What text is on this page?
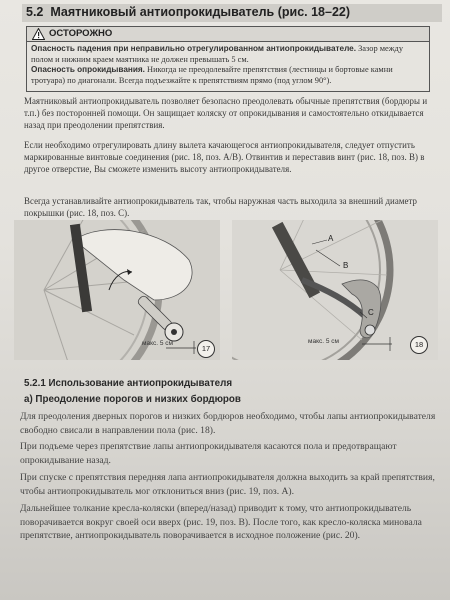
5.2 Маятниковый антиопрокидыватель (рис. 18–22)
ОСТОРОЖНО
Опасность падения при неправильно отрегулированном антиопрокидывателе. Зазор между полом и нижним краем маятника не должен превышать 5 см.
Опасность опрокидывания. Никогда не преодолевайте препятствия (лестницы и бортовые камни тротуара) по диагонали. Всегда подъезжайте к препятствиям прямо (под углом 90°).
Маятниковый антиопрокидыватель позволяет безопасно преодолевать обычные препятствия (бордюры и т.п.) без посторонней помощи. Он защищает коляску от опрокидывания и самостоятельно откидывается назад при преодолении препятствия.
Если необходимо отрегулировать длину вылета качающегося антиопрокидывателя, следует отпустить маркированные винтовые соединения (рис. 18, поз. A/B). Отвинтив и переставив винт (рис. 18, поз. B) в другое отверстие, Вы сможете изменить высоту антиопрокидывателя.
Всегда устанавливайте антиопрокидыватель так, чтобы наружная часть выходила за внешний диаметр покрышки (рис. 18, поз. C).
макс. 5 см
17
A
B
C
макс. 5 см	18
5.2.1 Использование антиопрокидывателя
а) Преодоление порогов и низких бордюров
Для преодоления дверных порогов и низких бордюров необходимо, чтобы лапы антиопрокидывателя свободно свисали в направлении пола (рис. 18).
При подъеме через препятствие лапы антиопрокидывателя касаются пола и предотвращают опрокидывание назад.
При спуске с препятствия передняя лапа антиопрокидывателя должна выходить за край препятствия, чтобы антиопрокидыватель мог отклониться вниз (рис. 19, поз. A).
Дальнейшее толкание кресла-коляски (вперед/назад) приводит к тому, что антиопрокидыватель поворачивается вокруг своей оси вверх (рис. 19, поз. B). После того, как кресло-коляска миновала препятствие, антиопрокидыватель поворачивается в исходное положение (рис. 20).
